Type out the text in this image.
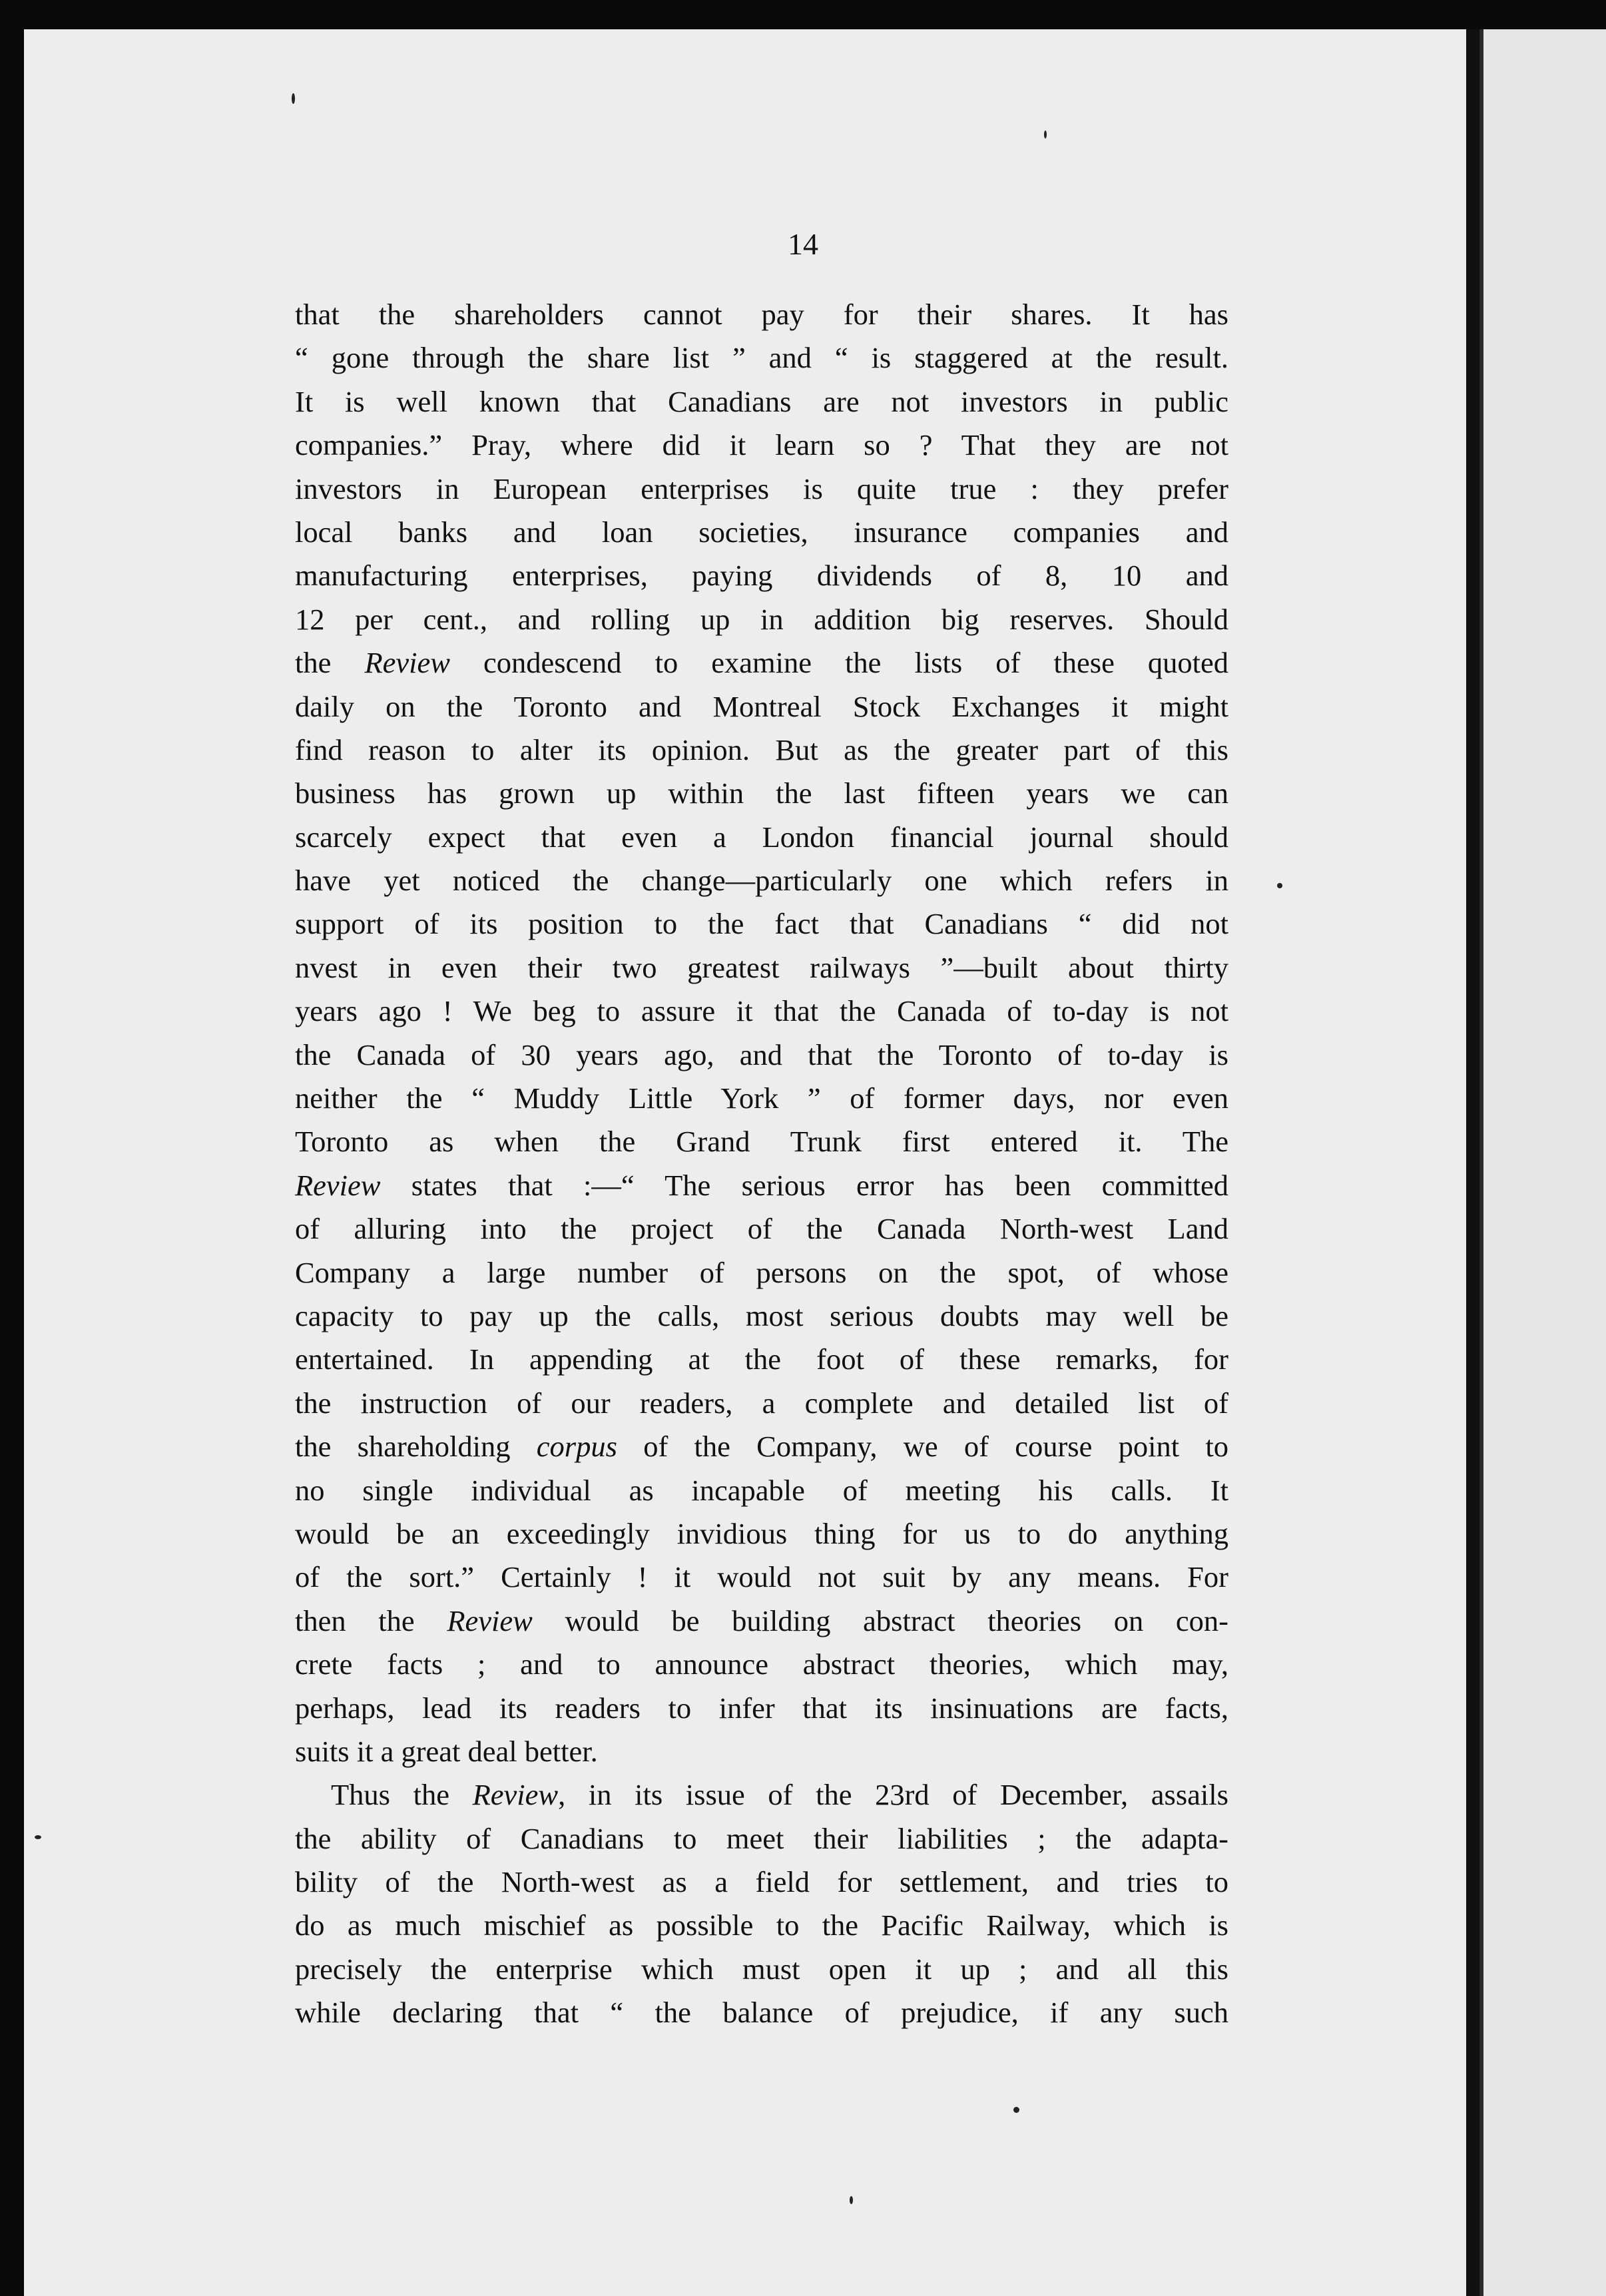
14
that the shareholders cannot pay for their shares. It has
“ gone through the share list ” and “ is staggered at the result.
It is well known that Canadians are not investors in public
companies.” Pray, where did it learn so ? That they are not
investors in European enterprises is quite true : they prefer
local banks and loan societies, insurance companies and
manufacturing enterprises, paying dividends of 8, 10 and
12 per cent., and rolling up in addition big reserves. Should
the Review condescend to examine the lists of these quoted
daily on the Toronto and Montreal Stock Exchanges it might
find reason to alter its opinion. But as the greater part of this
business has grown up within the last fifteen years we can
scarcely expect that even a London financial journal should
have yet noticed the change—particularly one which refers in
support of its position to the fact that Canadians “ did not
nvest in even their two greatest railways ”—built about thirty
years ago ! We beg to assure it that the Canada of to-day is not
the Canada of 30 years ago, and that the Toronto of to-day is
neither the “ Muddy Little York ” of former days, nor even
Toronto as when the Grand Trunk first entered it. The
Review states that :—“ The serious error has been committed
of alluring into the project of the Canada North-west Land
Company a large number of persons on the spot, of whose
capacity to pay up the calls, most serious doubts may well be
entertained. In appending at the foot of these remarks, for
the instruction of our readers, a complete and detailed list of
the shareholding corpus of the Company, we of course point to
no single individual as incapable of meeting his calls. It
would be an exceedingly invidious thing for us to do anything
of the sort.” Certainly ! it would not suit by any means. For
then the Review would be building abstract theories on con-
crete facts ; and to announce abstract theories, which may,
perhaps, lead its readers to infer that its insinuations are facts,
suits it a great deal better.
Thus the Review, in its issue of the 23rd of December, assails
the ability of Canadians to meet their liabilities ; the adapta-
bility of the North-west as a field for settlement, and tries to
do as much mischief as possible to the Pacific Railway, which is
precisely the enterprise which must open it up ; and all this
while declaring that “ the balance of prejudice, if any such
